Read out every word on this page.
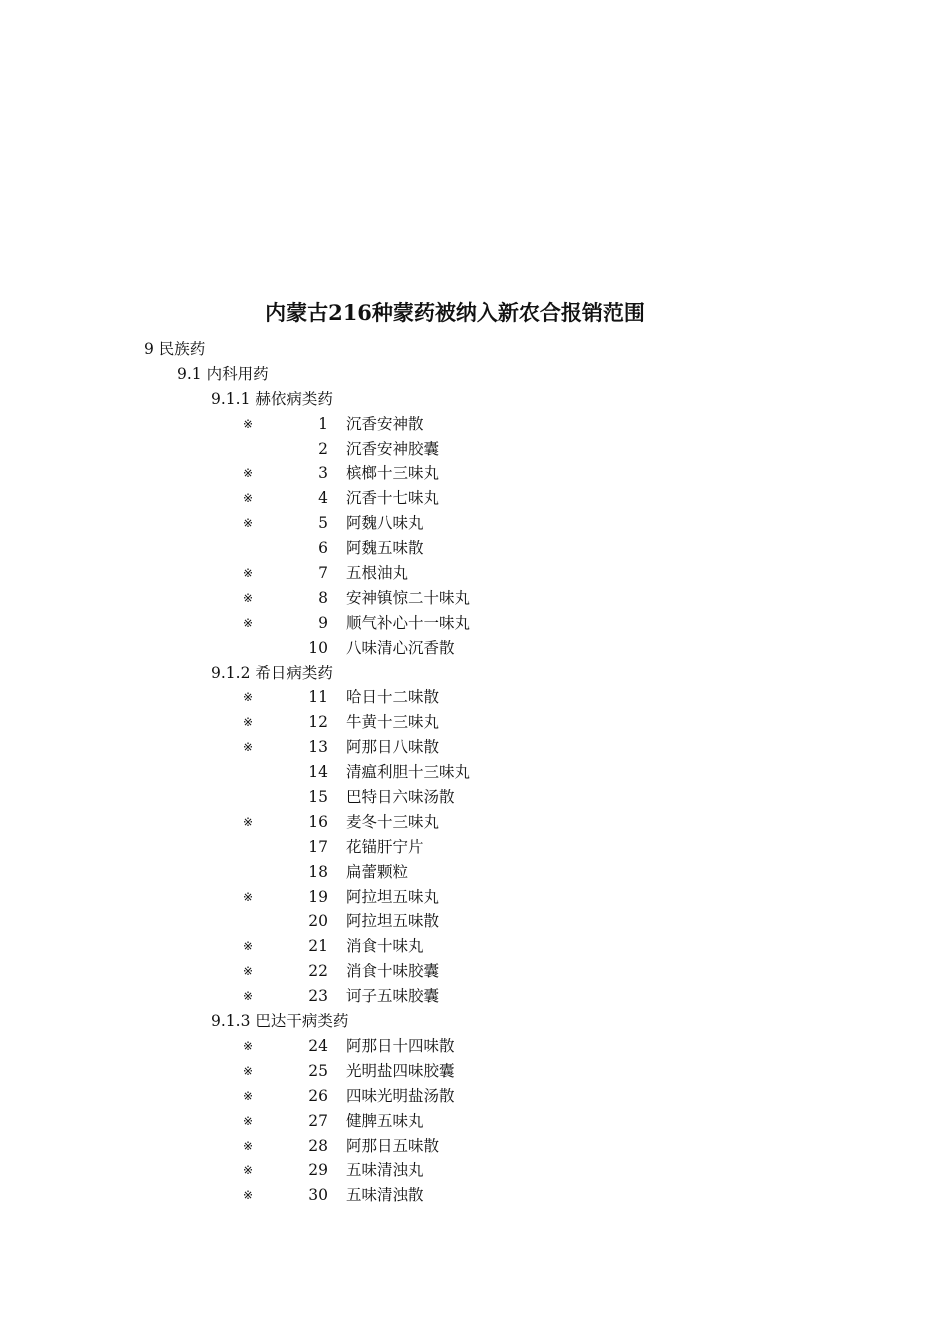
内蒙古216种蒙药被纳入新农合报销范围
9 民族药
9.1 内科用药
9.1.1 赫依病类药
※	1 沉香安神散
2 沉香安神胶囊
※	3 槟榔十三味丸
※	4 沉香十七味丸
※	5 阿魏八味丸
6 阿魏五味散
※	7 五根油丸
※	8 安神镇惊二十味丸
※	9 顺气补心十一味丸
10 八味清心沉香散
9.1.2 希日病类药
※	11 哈日十二味散
※	12 牛黄十三味丸
※	13 阿那日八味散
14 清瘟利胆十三味丸
15 巴特日六味汤散
※	16 麦冬十三味丸
17 花锚肝宁片
18 扁蕾颗粒
※	19 阿拉坦五味丸
20 阿拉坦五味散
※	21 消食十味丸
※	22 消食十味胶囊
※	23 诃子五味胶囊
9.1.3 巴达干病类药
※	24 阿那日十四味散
※	25 光明盐四味胶囊
※	26 四味光明盐汤散
※	27 健脾五味丸
※	28 阿那日五味散
※	29 五味清浊丸
※	30 五味清浊散
